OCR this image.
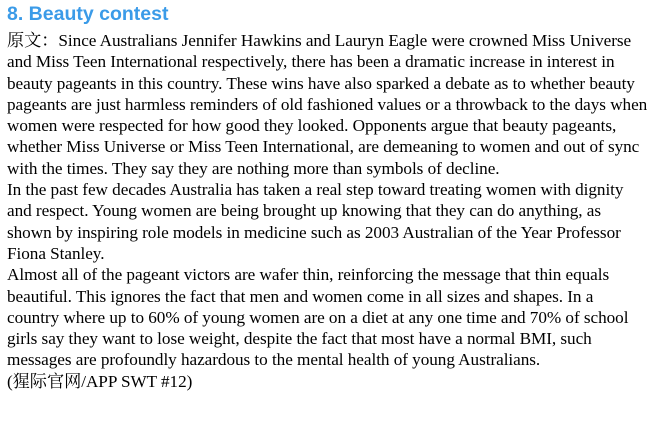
8. Beauty contest

原文：Since Australians Jennifer Hawkins and Lauryn Eagle were crowned Miss Universe and Miss Teen International respectively, there has been a dramatic increase in interest in beauty pageants in this country. These wins have also sparked a debate as to whether beauty pageants are just harmless reminders of old fashioned values or a throwback to the days when women were respected for how good they looked. Opponents argue that beauty pageants, whether Miss Universe or Miss Teen International, are demeaning to women and out of sync with the times. They say they are nothing more than symbols of decline.

In the past few decades Australia has taken a real step toward treating women with dignity and respect. Young women are being brought up knowing that they can do anything, as shown by inspiring role models in medicine such as 2003 Australian of the Year Professor Fiona Stanley.

Almost all of the pageant victors are wafer thin, reinforcing the message that thin equals beautiful. This ignores the fact that men and women come in all sizes and shapes. In a country where up to 60% of young women are on a diet at any one time and 70% of school girls say they want to lose weight, despite the fact that most have a normal BMI, such messages are profoundly hazardous to the mental health of young Australians.

(猩际官网/APP SWT #12)
